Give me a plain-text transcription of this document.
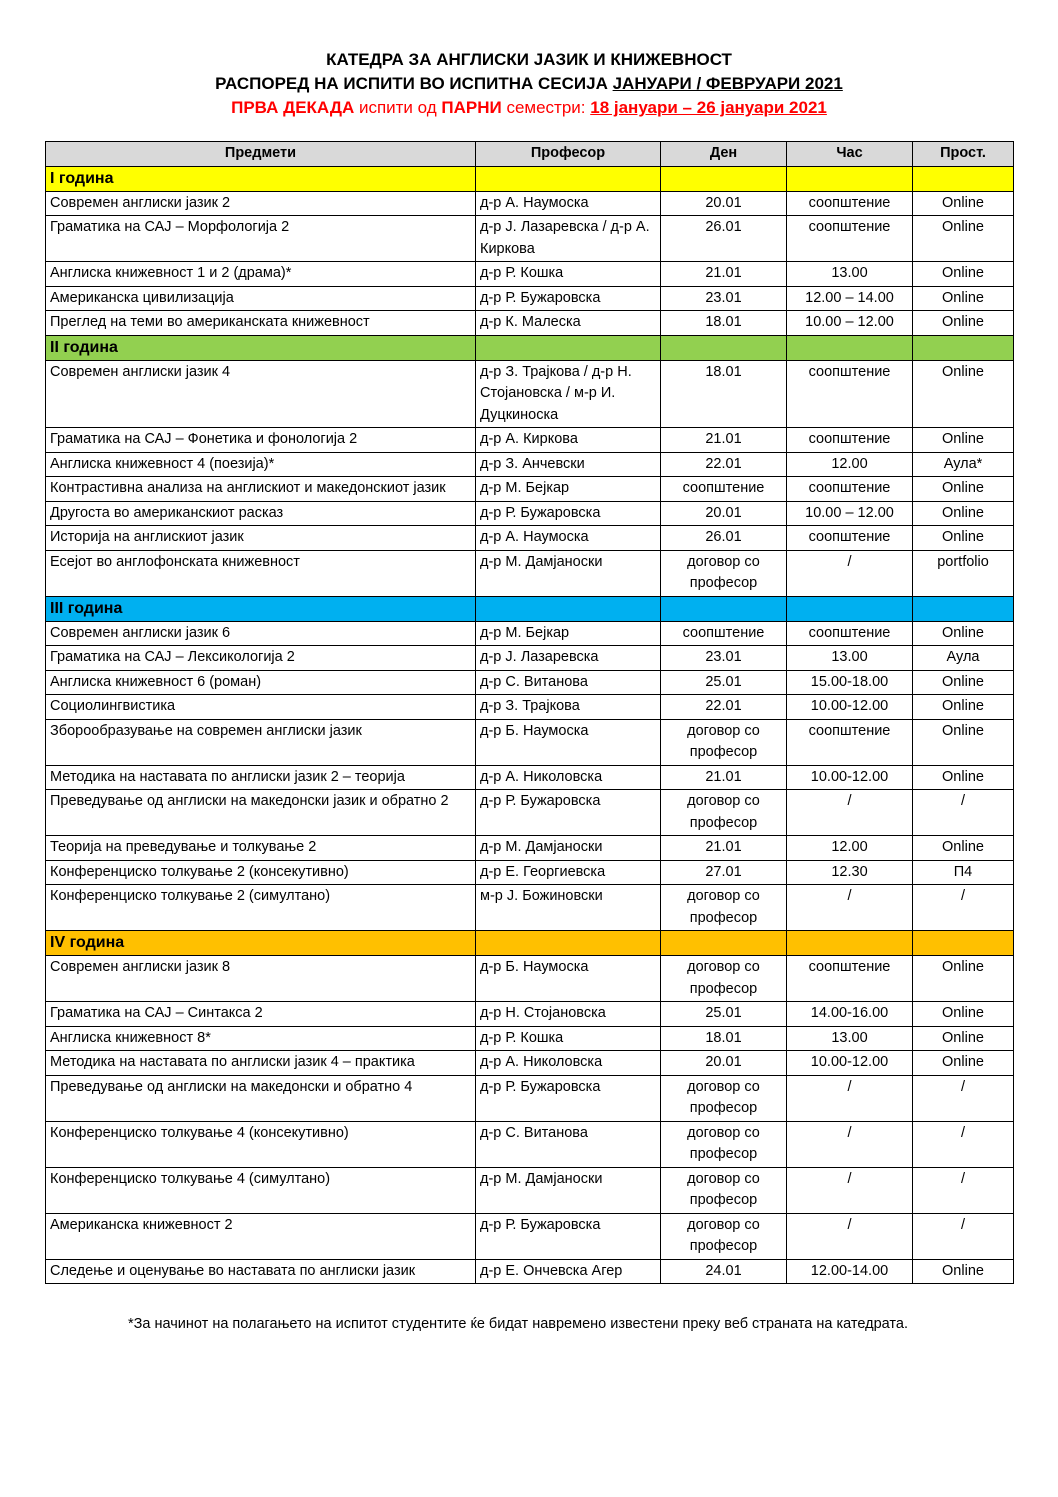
КАТЕДРА ЗА АНГЛИСКИ ЈАЗИК И КНИЖЕВНОСТ
РАСПОРЕД НА ИСПИТИ ВО ИСПИТНА СЕСИЈА ЈАНУАРИ / ФЕВРУАРИ 2021
ПРВА ДЕКАДА испити од ПАРНИ семестри: 18 јануари – 26 јануари 2021
Предмети	Професор	Ден	Час	Прост.
I година				
Современ англиски јазик 2	д-р А. Наумоска	20.01	соопштение	Online
Граматика на САЈ – Морфологија 2	д-р Ј. Лазаревска / д-р А. Киркова	26.01	соопштение	Online
Англиска книжевност 1 и 2 (драма)*	д-р Р. Кошка	21.01	13.00	Online
Американска цивилизација	д-р Р. Бужаровска	23.01	12.00 – 14.00	Online
Преглед на теми во американската книжевност	д-р К. Малеска	18.01	10.00 – 12.00	Online
II година				
Современ англиски јазик 4	д-р З. Трајкова / д-р Н. Стојановска / м-р И. Дуцкиноска	18.01	соопштение	Online
Граматика на САЈ – Фонетика и фонологија 2	д-р А. Киркова	21.01	соопштение	Online
Англиска книжевност 4 (поезија)*	д-р З. Анчевски	22.01	12.00	Аула*
Контрастивна анализа на англискиот и македонскиот јазик	д-р М. Бејкар	соопштение	соопштение	Online
Другоста во американскиот расказ	д-р Р. Бужаровска	20.01	10.00 – 12.00	Online
Историја на англискиот јазик	д-р А. Наумоска	26.01	соопштение	Online
Есејот во англофонската книжевност	д-р М. Дамјаноски	договор со професор	/	portfolio
III година				
Современ англиски јазик 6	д-р М. Бејкар	соопштение	соопштение	Online
Граматика на САЈ – Лексикологија 2	д-р Ј. Лазаревска	23.01	13.00	Аула
Англиска книжевност 6 (роман)	д-р С. Витанова	25.01	15.00-18.00	Online
Социолингвистика	д-р З. Трајкова	22.01	10.00-12.00	Online
Зборообразување на современ англиски јазик	д-р Б. Наумоска	договор со професор	соопштение	Online
Методика на наставата по англиски јазик 2 – теорија	д-р А. Николовска	21.01	10.00-12.00	Online
Преведување од англиски на македонски јазик и обратно 2	д-р Р. Бужаровска	договор со професор	/	/
Теорија на преведување и толкување 2	д-р М. Дамјаноски	21.01	12.00	Online
Конференциско толкување 2 (консекутивно)	д-р Е. Георгиевска	27.01	12.30	П4
Конференциско толкување 2 (симултано)	м-р Ј. Божиновски	договор со професор	/	/
IV година				
Современ англиски јазик 8	д-р Б. Наумоска	договор со професор	соопштение	Online
Граматика на САЈ – Синтакса 2	д-р Н. Стојановска	25.01	14.00-16.00	Online
Англиска книжевност 8*	д-р Р. Кошка	18.01	13.00	Online
Методика на наставата по англиски јазик 4 – практика	д-р А. Николовска	20.01	10.00-12.00	Online
Преведување од англиски на македонски и обратно 4	д-р Р. Бужаровска	договор со професор	/	/
Конференциско толкување 4 (консекутивно)	д-р С. Витанова	договор со професор	/	/
Конференциско толкување 4 (симултано)	д-р М. Дамјаноски	договор со професор	/	/
Американска книжевност 2	д-р Р. Бужаровска	договор со професор	/	/
Следење и оценување во наставата по англиски јазик	д-р Е. Ончевска Агер	24.01	12.00-14.00	Online
*За начинот на полагањето на испитот студентите ќе бидат навремено известени преку веб страната на катедрата.
